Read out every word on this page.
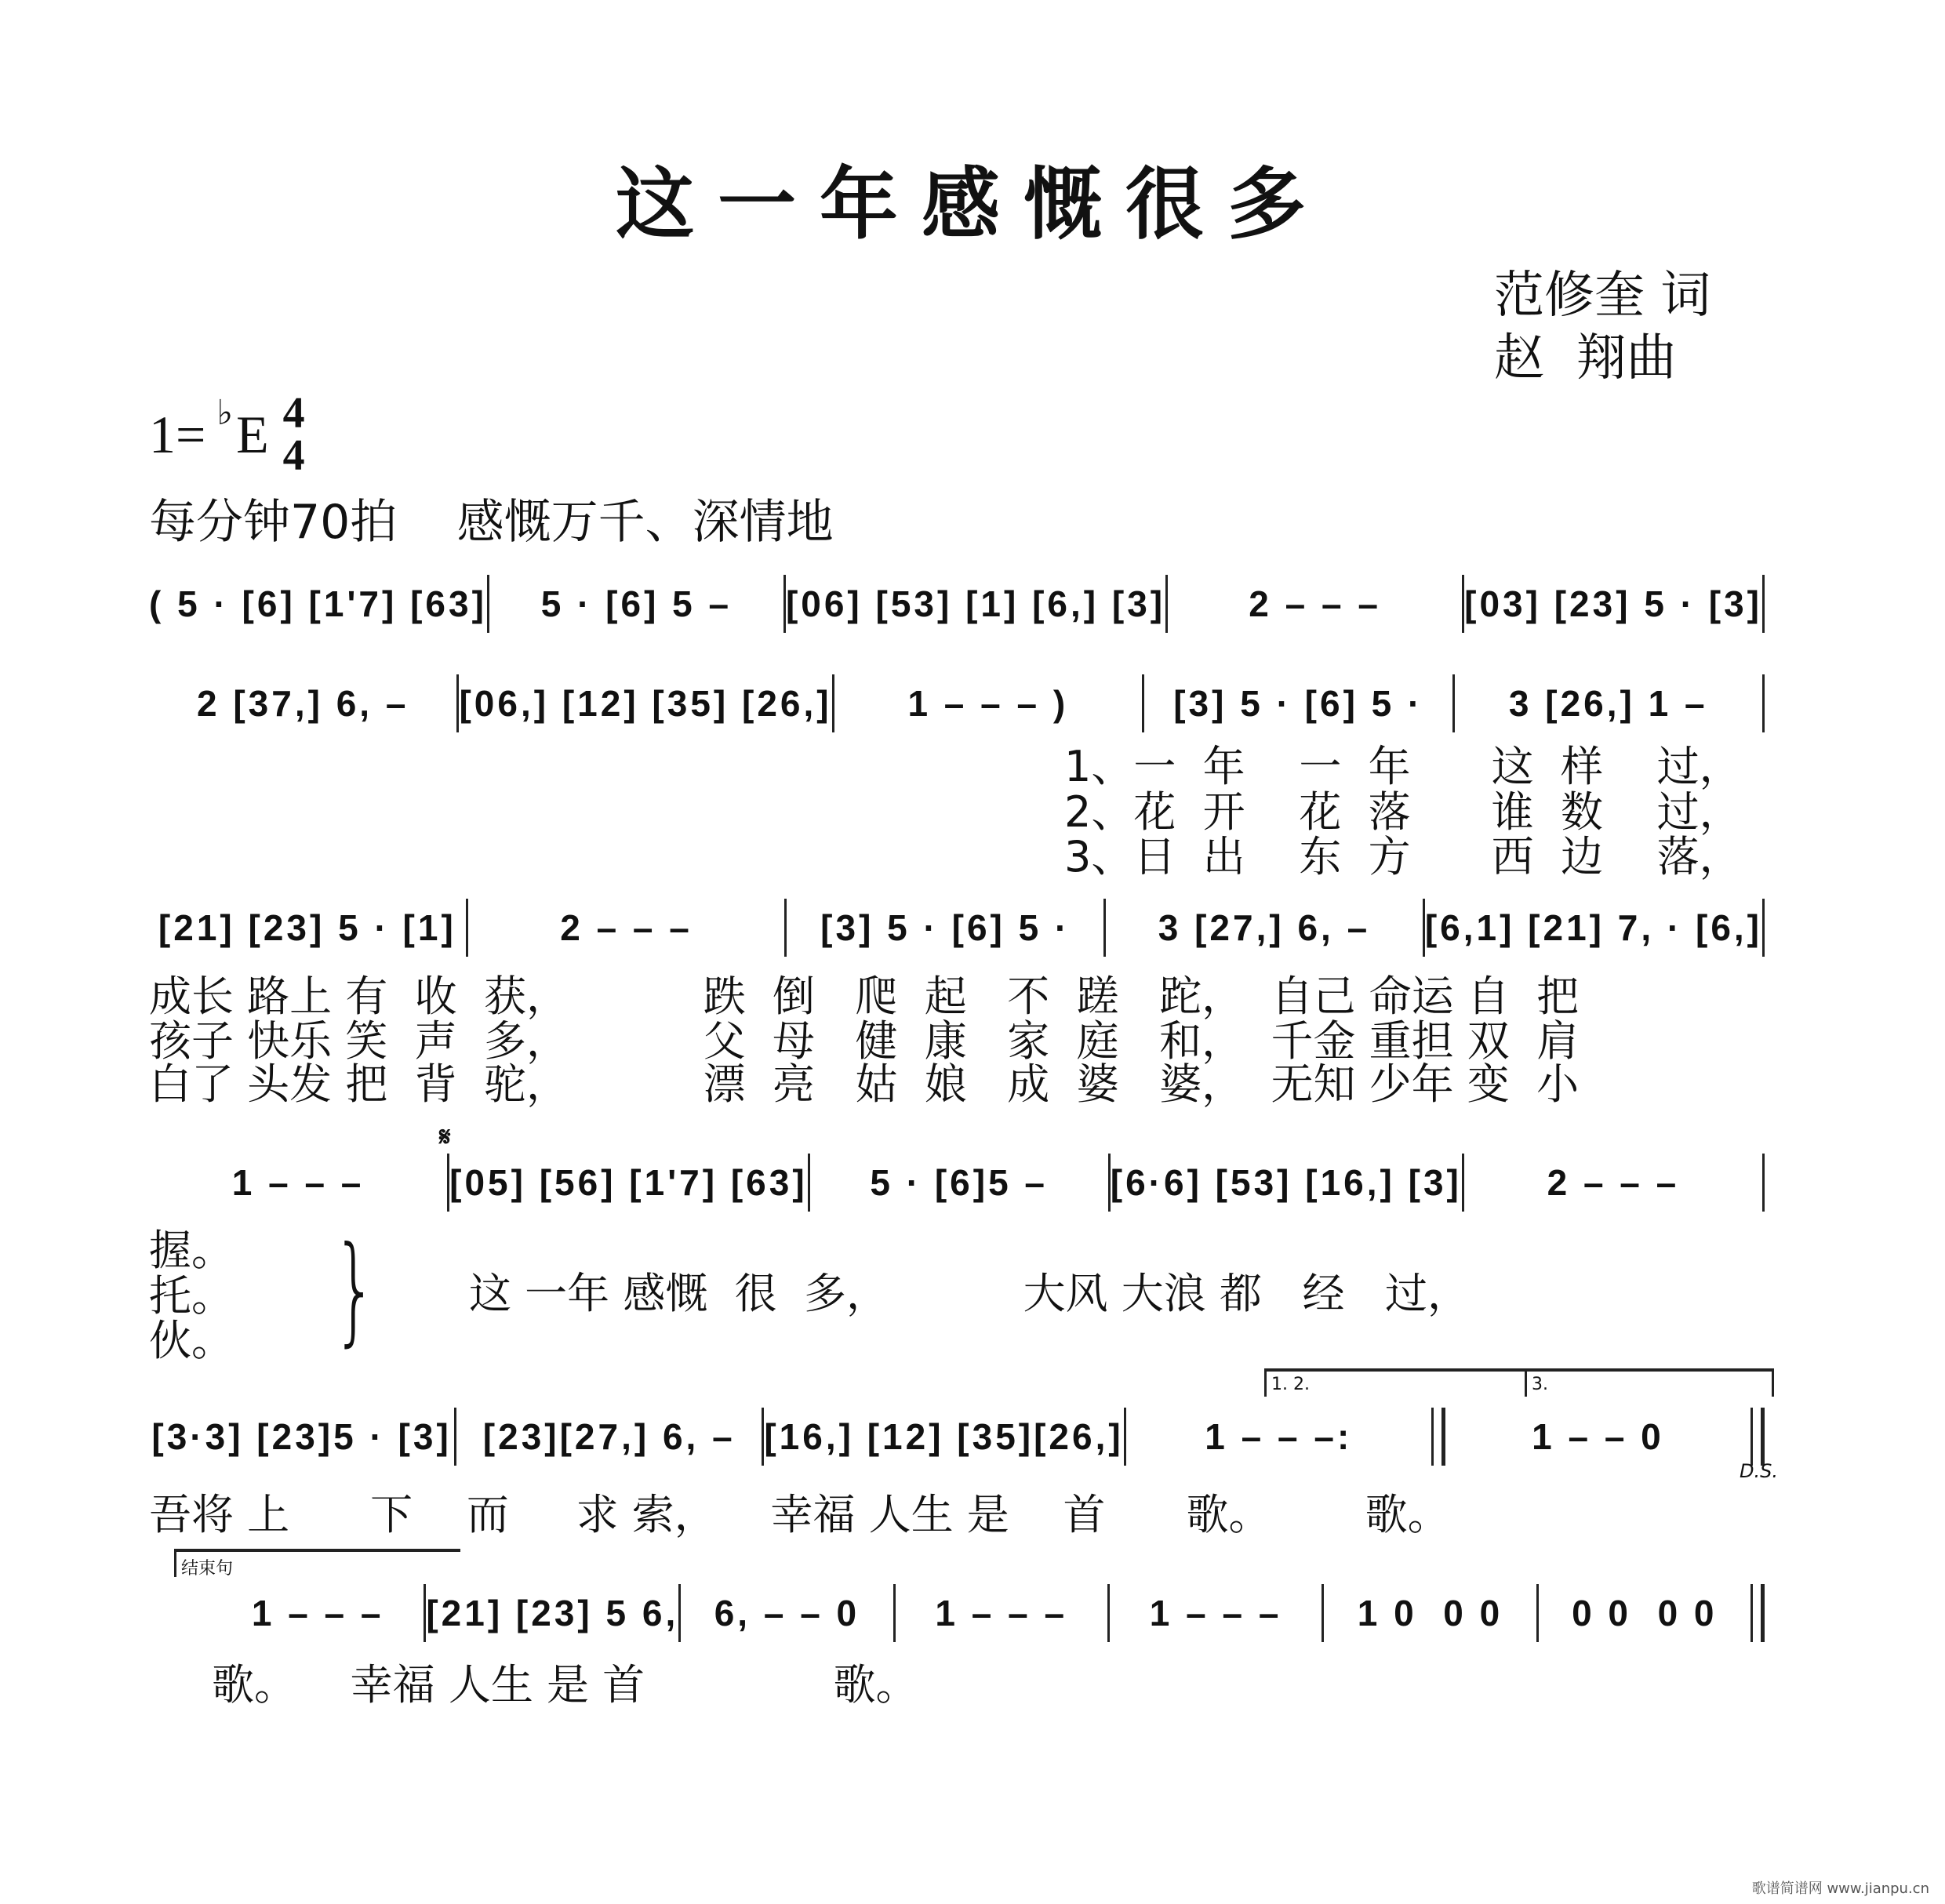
这一年感慨很多
范修奎 词
赵  翔曲
1= ♭ E 4
4
每分钟70拍    感慨万千、深情地
( 5 · [6] [1'7] [63] 5 · [6] 5 – [06] [53] [1] [6,] [3] 2 – – – [03] [23] 5 · [3]
2 [37,] 6, – [06,] [12] [35] [26,] 1 – – – )	[3] 5 · [6] 5 · 3 [26,] 1 –
[21] [23] 5 · [1]	2 – – –	[3] 5 · [6] 5 · 3 [27,] 6, – [6,1] [21] 7, · [6,]
1 – – – [05] [56] [1'7] [63] 5 · [6]5 – [6·6] [53] [16,] [3] 2 – – –
[3·3] [23]5 · [3] [23][27,] 6, – [16,] [12] [35][26,] 1 – – –:	1 – – 0
1 – – – [21] [23] 5 6, 6, – – 0 1 – – – 1 – – – 1 0  0 0 0 0  0 0
𝄋
1. 2.	3.
D.S.
结束句
1、一  年    一  年      这  样    过，
2、花  开    花  落      谁  数    过，
3、日  出    东  方      西  边    落，
成长 路上 有  收  获，          跌  倒   爬  起   不  蹉   跎，  自己 命运 自  把
孩子 快乐 笑  声  多，          父  母   健  康   家  庭   和，  千金 重担 双  肩
白了 头发 把  背  驼，          漂  亮   姑  娘   成  婆   婆，  无知 少年 变  小
握。
托。
伙。 } 这 一年 感慨  很  多，          大风 大浪 都   经   过，
吾将 上      下    而     求 索，    幸福 人生 是    首      歌。       歌。
歌。    幸福 人生 是 首              歌。
歌谱简谱网 www.jianpu.cn
